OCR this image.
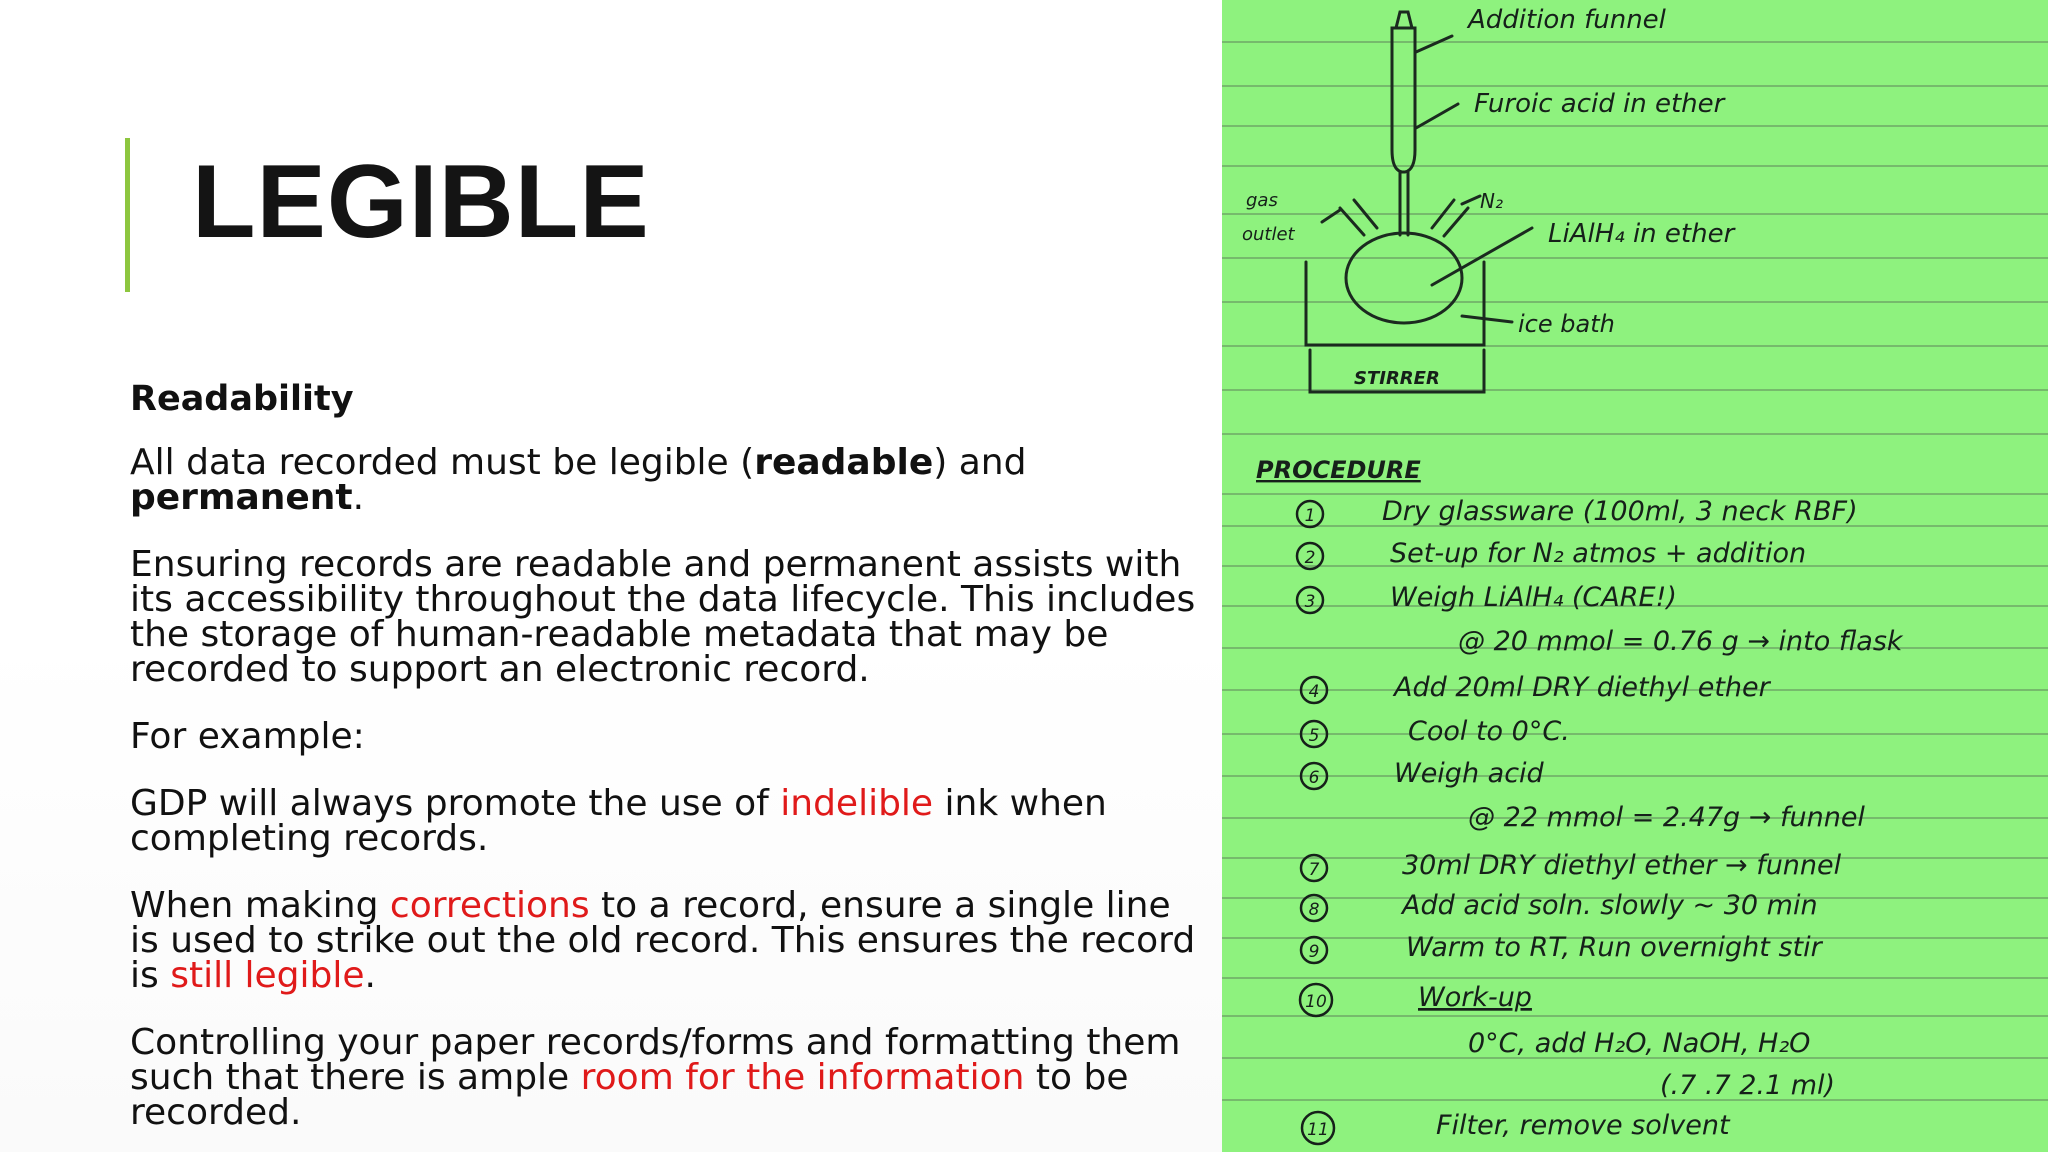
LEGIBLE

Readability

All data recorded must be legible (readable) and permanent.

Ensuring records are readable and permanent assists with its accessibility throughout the data lifecycle. This includes the storage of human-readable metadata that may be recorded to support an electronic record.

For example:

GDP will always promote the use of indelible ink when completing records.

When making corrections to a record, ensure a single line is used to strike out the old record. This ensures the record is still legible.

Controlling your paper records/forms and formatting them such that there is ample room for the information to be recorded.

Addition funnel
Furoic acid in ether
gas
outlet
N₂
LiAlH₄ in ether
ice bath
STIRRER
PROCEDURE
1 Dry glassware (100ml, 3 neck RBF)
2	Set-up for N₂ atmos + addition
3	Weigh LiAlH₄ (CARE!)
@ 20 mmol = 0.76 g → into flask
4	Add 20ml DRY diethyl ether
5	Cool to 0°C.
6	Weigh acid
@ 22 mmol = 2.47g → funnel
7	30ml DRY diethyl ether → funnel
8	Add acid soln. slowly ~ 30 min
9	Warm to RT, Run overnight stir
10	Work-up
0°C, add H₂O, NaOH, H₂O
(.7 .7 2.1 ml)
11	Filter, remove solvent
